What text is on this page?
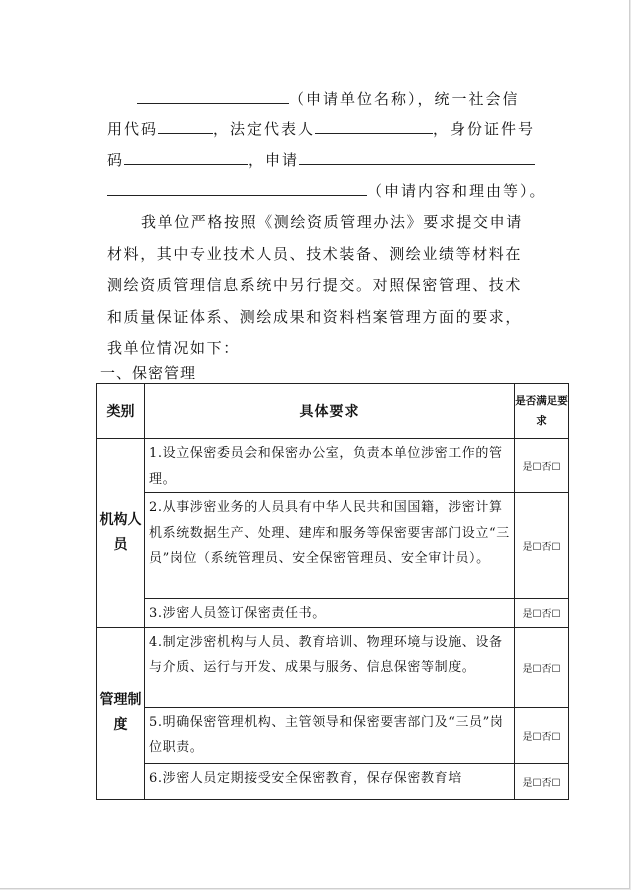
（申请单位名称），统一社会信
用代码	，法定代表人	，身份证件号
码	，申请
（申请内容和理由等）。
我单位严格按照《测绘资质管理办法》要求提交申请材料，其中专业技术人员、技术装备、测绘业绩等材料在测绘资质管理信息系统中另行提交。对照保密管理、技术和质量保证体系、测绘成果和资料档案管理方面的要求，我单位情况如下：
一、保密管理
类别	具体要求	是否满足要求
机构人员	1.设立保密委员会和保密办公室，负责本单位涉密工作的管理。	是☐否☐
	2.从事涉密业务的人员具有中华人民共和国国籍，涉密计算机系统数据生产、处理、建库和服务等保密要害部门设立“三员”岗位（系统管理员、安全保密管理员、安全审计员）。	是☐否☐
	3.涉密人员签订保密责任书。	是☐否☐
管理制度	4.制定涉密机构与人员、教育培训、物理环境与设施、设备与介质、运行与开发、成果与服务、信息保密等制度。	是☐否☐
	5.明确保密管理机构、主管领导和保密要害部门及“三员”岗位职责。	是☐否☐
	6.涉密人员定期接受安全保密教育，保存保密教育培	是☐否☐
